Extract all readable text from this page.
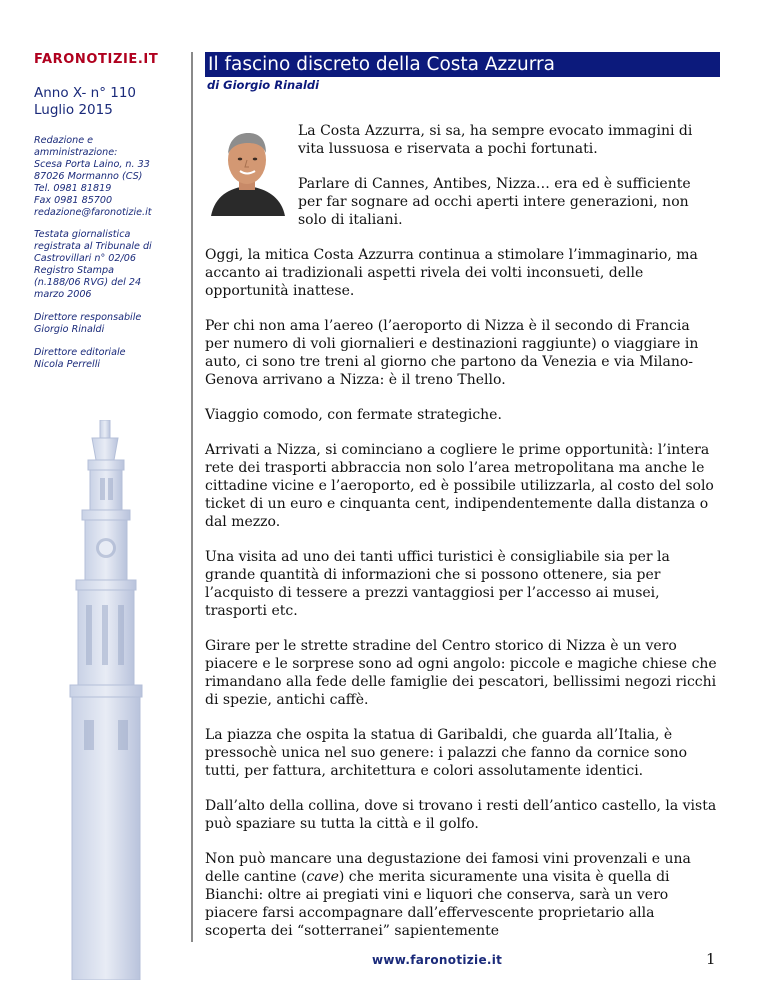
FARONOTIZIE.IT

Anno X- n° 110
Luglio 2015
Redazione e
amministrazione:
Scesa Porta Laino, n. 33
87026 Mormanno (CS)
Tel. 0981 81819
Fax 0981 85700
redazione@faronotizie.it
Testata giornalistica
registrata al Tribunale di
Castrovillari n° 02/06
Registro Stampa
(n.188/06 RVG) del 24
marzo 2006
Direttore responsabile
Giorgio Rinaldi
Direttore editoriale
Nicola Perrelli
Il fascino discreto della Costa Azzurra
di Giorgio Rinaldi

La Costa Azzurra, si sa, ha sempre evocato immagini di vita lussuosa e riservata a pochi fortunati.

Parlare di Cannes, Antibes, Nizza… era ed è sufficiente per far sognare ad occhi aperti intere generazioni, non solo di italiani.

Oggi, la mitica Costa Azzurra continua a stimolare l’immaginario, ma accanto ai tradizionali aspetti rivela dei volti inconsueti, delle opportunità inattese.

Per chi non ama l’aereo (l’aeroporto di Nizza è il secondo di Francia per numero di voli giornalieri e destinazioni raggiunte) o viaggiare in auto, ci sono tre treni al giorno che partono da Venezia e via Milano-Genova arrivano a Nizza: è il treno Thello.

Viaggio comodo, con fermate strategiche.

Arrivati a Nizza, si cominciano a cogliere le prime opportunità: l’intera rete dei trasporti abbraccia non solo l’area metropolitana ma anche le cittadine vicine e l’aeroporto, ed è possibile utilizzarla, al costo del solo ticket di un euro e cinquanta cent, indipendentemente dalla distanza o dal mezzo.

Una visita ad uno dei tanti uffici turistici è consigliabile sia per la grande quantità di informazioni che si possono ottenere, sia per l’acquisto di tessere a prezzi vantaggiosi per l’accesso ai musei, trasporti etc.

Girare per le strette stradine del Centro storico di Nizza è un vero piacere e le sorprese sono ad ogni angolo: piccole e magiche chiese che rimandano alla fede delle famiglie dei pescatori, bellissimi negozi ricchi di spezie, antichi caffè.

La piazza che ospita la statua di Garibaldi, che guarda all’Italia, è pressochè unica nel suo genere: i palazzi che fanno da cornice sono tutti, per fattura, architettura e colori assolutamente identici.

Dall’alto della collina, dove si trovano i resti dell’antico castello, la vista può spaziare su tutta la città e il golfo.

Non può mancare una degustazione dei famosi vini provenzali e una delle cantine (cave) che merita sicuramente una visita è quella di Bianchi: oltre ai pregiati vini e liquori che conserva, sarà un vero piacere farsi accompagnare dall’effervescente proprietario alla scoperta dei “sotterranei” sapientemente

www.faronotizie.it	1
